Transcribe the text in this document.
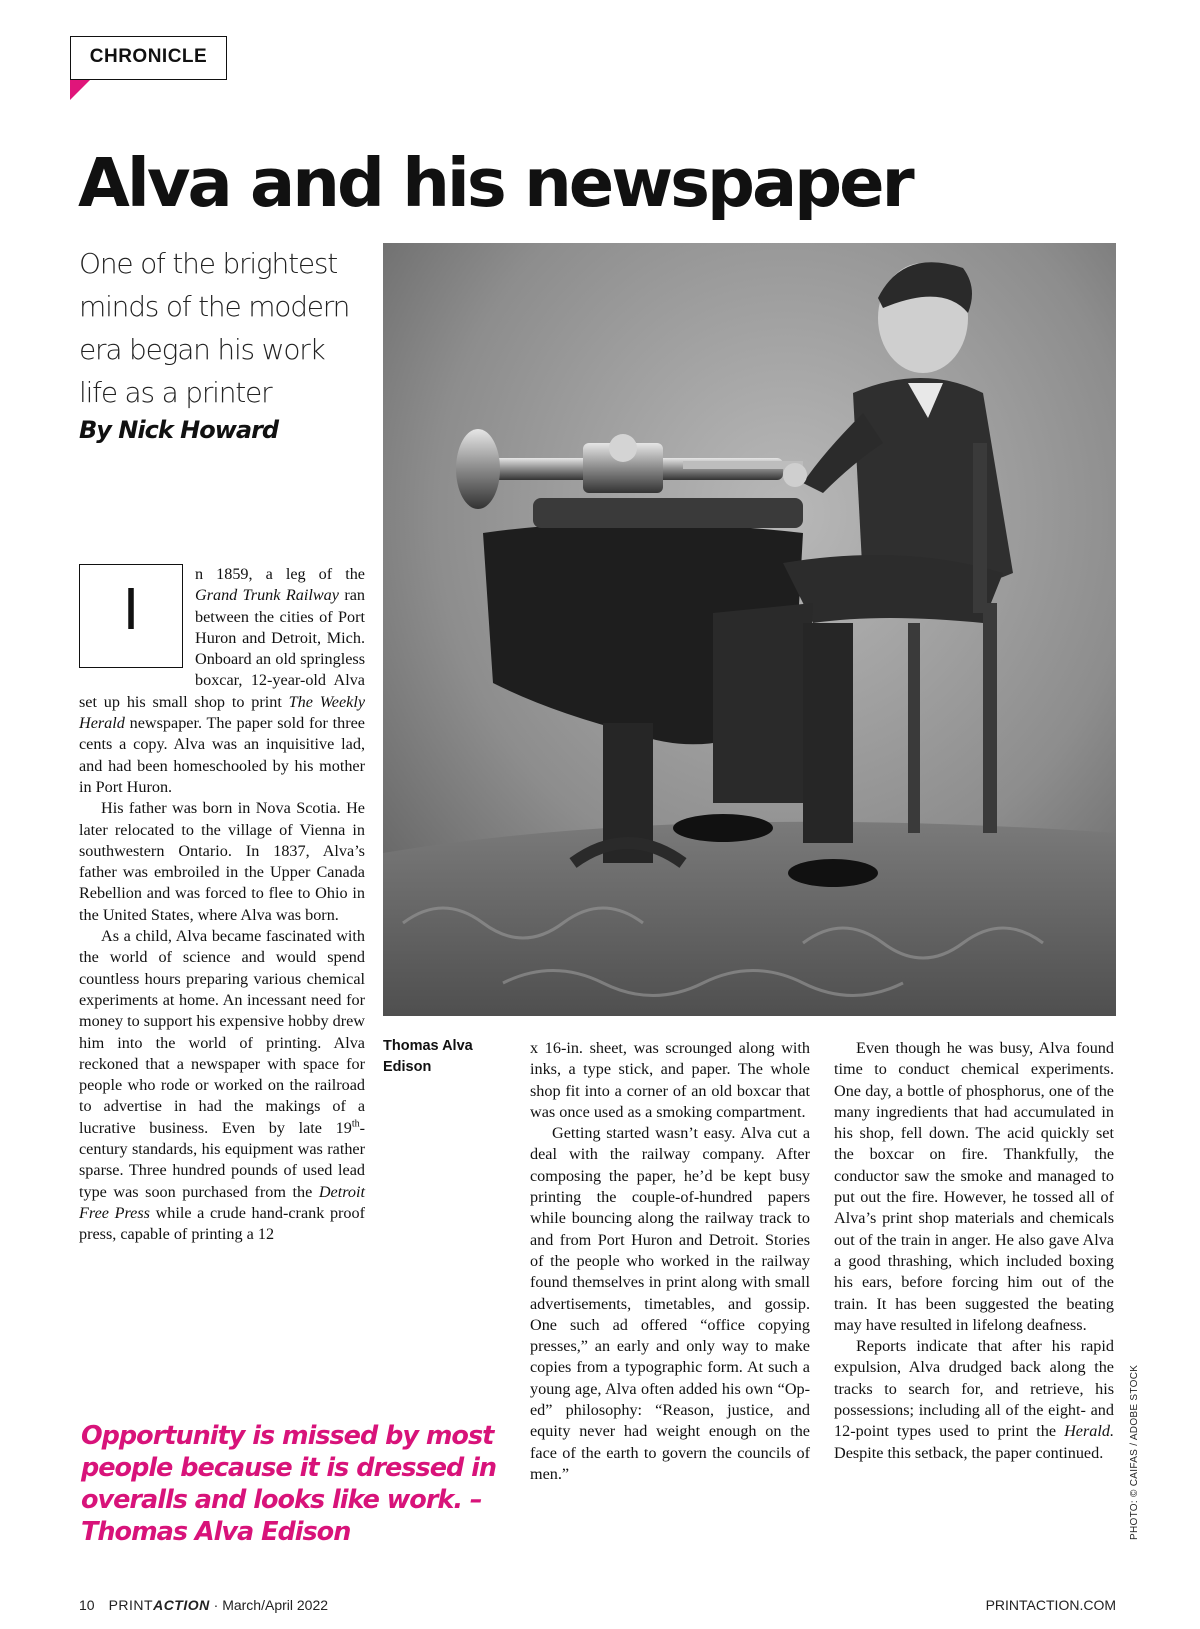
CHRONICLE
Alva and his newspaper
One of the brightest minds of the modern era began his work life as a printer
By Nick Howard
Thomas Alva Edison
PHOTO: © CAIFAS / ADOBE STOCK
I

n 1859, a leg of the Grand Trunk Railway ran between the cities of Port Huron and Detroit, Mich. Onboard an old springless boxcar, 12-year-old Alva set up his small shop to print The Weekly Herald newspaper. The paper sold for three cents a copy. Alva was an inquisitive lad, and had been homeschooled by his mother in Port Huron.

His father was born in Nova Scotia. He later relocated to the village of Vienna in southwestern Ontario. In 1837, Alva’s father was embroiled in the Upper Canada Rebellion and was forced to flee to Ohio in the United States, where Alva was born.

As a child, Alva became fascinated with the world of science and would spend countless hours preparing various chemical experiments at home. An incessant need for money to support his expensive hobby drew him into the world of printing. Alva reckoned that a newspaper with space for people who rode or worked on the railroad to advertise in had the makings of a lucrative business. Even by late 19th-century standards, his equipment was rather sparse. Three hundred pounds of used lead type was soon purchased from the Detroit Free Press while a crude hand-crank proof press, capable of printing a 12

x 16-in. sheet, was scrounged along with inks, a type stick, and paper. The whole shop fit into a corner of an old boxcar that was once used as a smoking compartment.

Getting started wasn’t easy. Alva cut a deal with the railway company. After composing the paper, he’d be kept busy printing the couple-of-hundred papers while bouncing along the railway track to and from Port Huron and Detroit. Stories of the people who worked in the railway found themselves in print along with small advertisements, timetables, and gossip. One such ad offered “office copying presses,” an early and only way to make copies from a typographic form. At such a young age, Alva often added his own “Op-ed” philosophy: “Reason, justice, and equity never had weight enough on the face of the earth to govern the councils of men.”

Even though he was busy, Alva found time to conduct chemical experiments. One day, a bottle of phosphorus, one of the many ingredients that had accumulated in his shop, fell down. The acid quickly set the boxcar on fire. Thankfully, the conductor saw the smoke and managed to put out the fire. However, he tossed all of Alva’s print shop materials and chemicals out of the train in anger. He also gave Alva a good thrashing, which included boxing his ears, before forcing him out of the train. It has been suggested the beating may have resulted in lifelong deafness.

Reports indicate that after his rapid expulsion, Alva drudged back along the tracks to search for, and retrieve, his possessions; including all of the eight- and 12-point types used to print the Herald. Despite this setback, the paper continued.

Opportunity is missed by most people because it is dressed in overalls and looks like work. – Thomas Alva Edison
10 PRINTACTION · March/April 2022	PRINTACTION.COM
